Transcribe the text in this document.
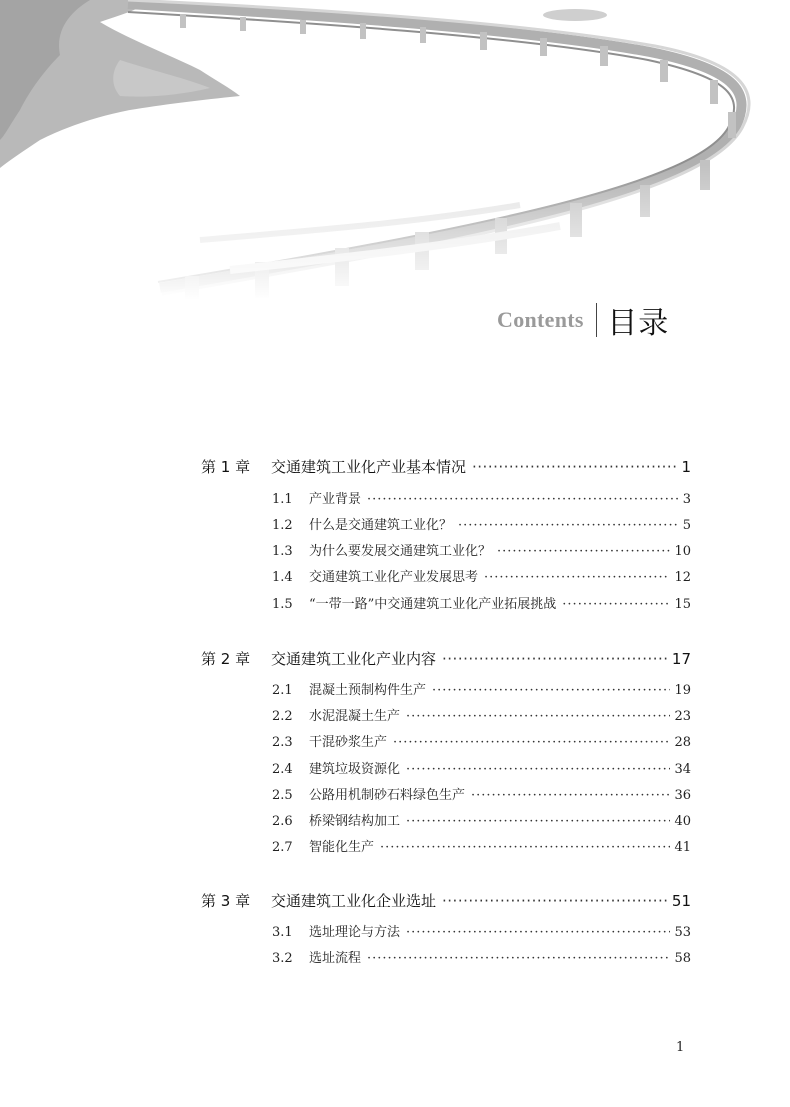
Contents 目录
第 1 章	交通建筑工业化产业基本情况 ·····	1
1.1	产业背景 ·····	3
1.2	什么是交通建筑工业化？ ·····	5
1.3	为什么要发展交通建筑工业化？ ·····	10
1.4	交通建筑工业化产业发展思考 ·····	12
1.5	“一带一路”中交通建筑工业化产业拓展挑战 ·····	15
第 2 章	交通建筑工业化产业内容 ·····	17
2.1	混凝土预制构件生产 ·····	19
2.2	水泥混凝土生产 ·····	23
2.3	干混砂浆生产 ·····	28
2.4	建筑垃圾资源化 ·····	34
2.5	公路用机制砂石料绿色生产 ·····	36
2.6	桥梁钢结构加工 ·····	40
2.7	智能化生产 ·····	41
第 3 章	交通建筑工业化企业选址 ·····	51
3.1	选址理论与方法 ·····	53
3.2	选址流程 ·····	58
1
